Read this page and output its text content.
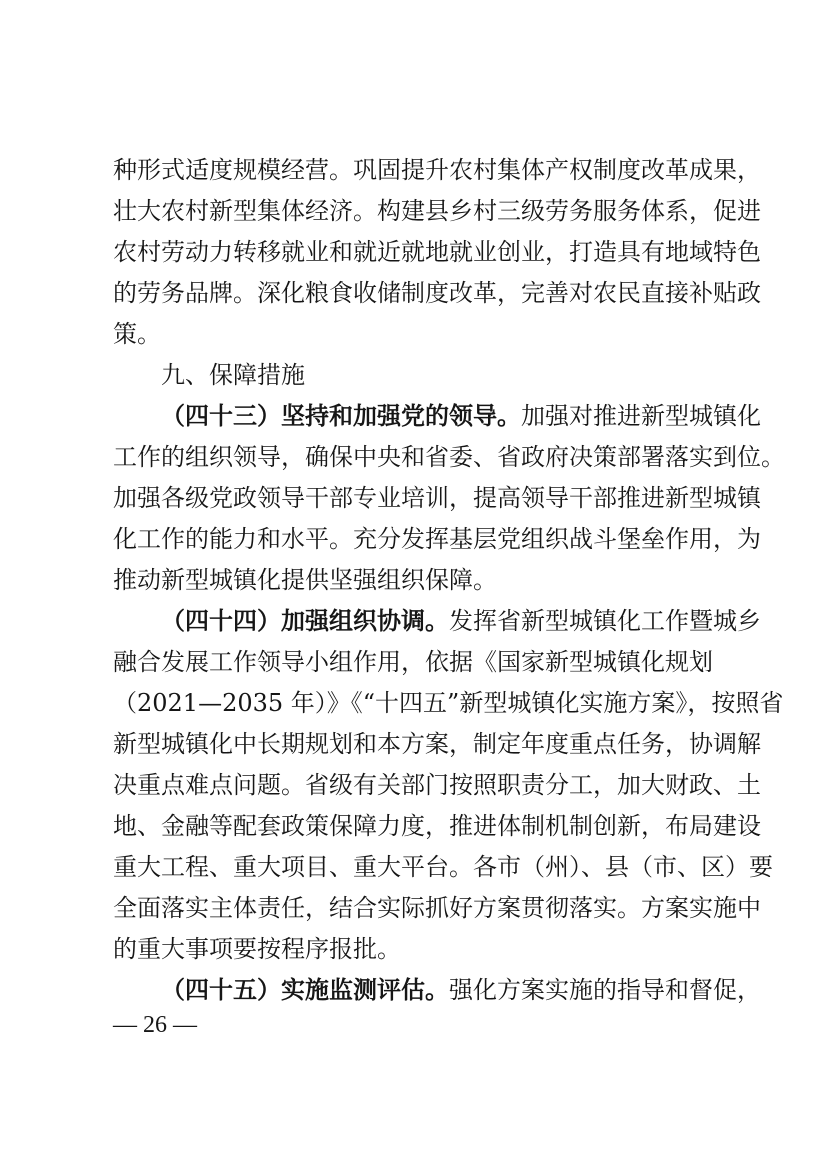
种形式适度规模经营。巩固提升农村集体产权制度改革成果，
壮大农村新型集体经济。构建县乡村三级劳务服务体系，促进
农村劳动力转移就业和就近就地就业创业，打造具有地域特色
的劳务品牌。深化粮食收储制度改革，完善对农民直接补贴政
策。
九、保障措施
（四十三）坚持和加强党的领导。加强对推进新型城镇化
工作的组织领导，确保中央和省委、省政府决策部署落实到位。
加强各级党政领导干部专业培训，提高领导干部推进新型城镇
化工作的能力和水平。充分发挥基层党组织战斗堡垒作用，为
推动新型城镇化提供坚强组织保障。
（四十四）加强组织协调。发挥省新型城镇化工作暨城乡
融合发展工作领导小组作用，依据《国家新型城镇化规划
（2021—2035 年）》《“十四五”新型城镇化实施方案》，按照省
新型城镇化中长期规划和本方案，制定年度重点任务，协调解
决重点难点问题。省级有关部门按照职责分工，加大财政、土
地、金融等配套政策保障力度，推进体制机制创新，布局建设
重大工程、重大项目、重大平台。各市（州）、县（市、区）要
全面落实主体责任，结合实际抓好方案贯彻落实。方案实施中
的重大事项要按程序报批。
（四十五）实施监测评估。强化方案实施的指导和督促，
— 26 —
